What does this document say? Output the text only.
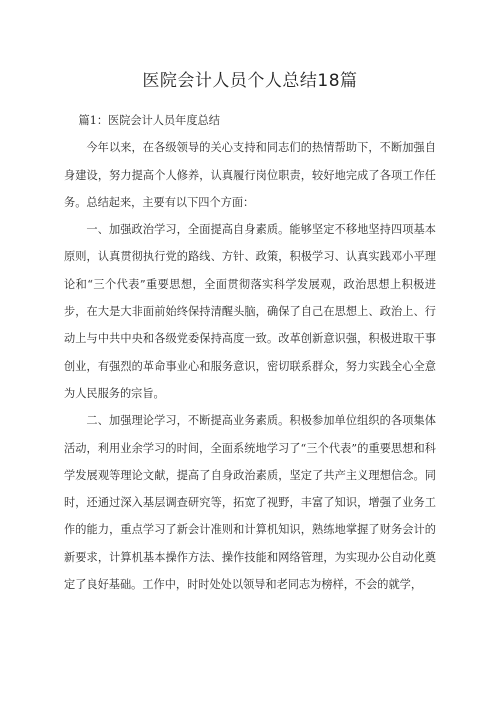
医院会计人员个人总结18篇

篇1：医院会计人员年度总结

今年以来，在各级领导的关心支持和同志们的热情帮助下，不断加强自身建设，努力提高个人修养，认真履行岗位职责，较好地完成了各项工作任务。总结起来，主要有以下四个方面：

一、加强政治学习，全面提高自身素质。能够坚定不移地坚持四项基本原则，认真贯彻执行党的路线、方针、政策，积极学习、认真实践邓小平理论和“三个代表”重要思想，全面贯彻落实科学发展观，政治思想上积极进步，在大是大非面前始终保持清醒头脑，确保了自己在思想上、政治上、行动上与中共中央和各级党委保持高度一致。改革创新意识强，积极进取干事创业，有强烈的革命事业心和服务意识，密切联系群众，努力实践全心全意为人民服务的宗旨。

二、加强理论学习，不断提高业务素质。积极参加单位组织的各项集体活动，利用业余学习的时间，全面系统地学习了“三个代表”的重要思想和科学发展观等理论文献，提高了自身政治素质，坚定了共产主义理想信念。同时，还通过深入基层调查研究等，拓宽了视野，丰富了知识，增强了业务工作的能力，重点学习了新会计准则和计算机知识，熟练地掌握了财务会计的新要求，计算机基本操作方法、操作技能和网络管理，为实现办公自动化奠定了良好基础。工作中，时时处处以领导和老同志为榜样，不会的就学，
